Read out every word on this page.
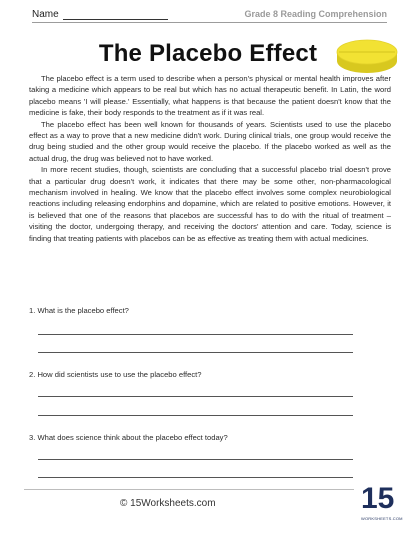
Name	Grade 8 Reading Comprehension
The Placebo Effect

The placebo effect is a term used to describe when a person's physical or mental health improves after taking a medicine which appears to be real but which has no actual therapeutic benefit. In Latin, the word placebo means 'I will please.' Essentially, what happens is that because the patient doesn't know that the medicine is fake, their body responds to the treatment as if it was real.

The placebo effect has been well known for thousands of years. Scientists used to use the placebo effect as a way to prove that a new medicine didn't work. During clinical trials, one group would receive the drug being studied and the other group would receive the placebo. If the placebo worked as well as the actual drug, the drug was believed not to have worked.

In more recent studies, though, scientists are concluding that a successful placebo trial doesn't prove that a particular drug doesn't work, it indicates that there may be some other, non-pharmacological mechanism involved in healing. We know that the placebo effect involves some complex neurobiological reactions including releasing endorphins and dopamine, which are related to positive emotions. However, it is believed that one of the reasons that placebos are successful has to do with the ritual of treatment – visiting the doctor, undergoing therapy, and receiving the doctors' attention and care. Today, science is finding that treating patients with placebos can be as effective as treating them with actual medicines.

1. What is the placebo effect?
2. How did scientists use to use the placebo effect?
3. What does science think about the placebo effect today?
© 15Worksheets.com	15
WORKSHEETS.COM
